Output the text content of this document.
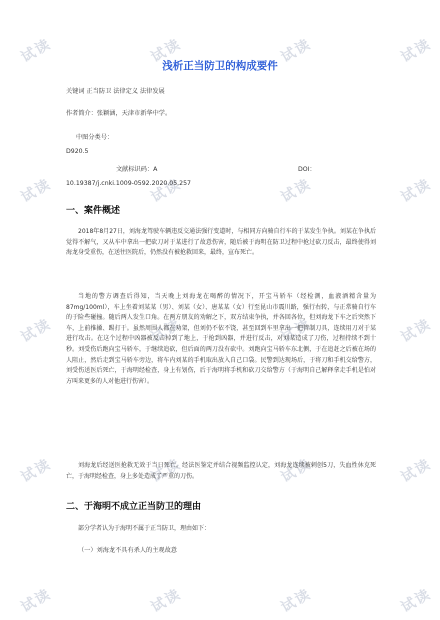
试读	试读	试读	试读
试读	试读	试读	试读
试读	试读	试读	试读
试读	试读	试读	试读
试读	试读	试读	试读
浅析正当防卫的构成要件
关键词 正当防卫 法律定义 法律发展
作者简介：张颖涵，天津市新华中学。
中图分类号：
D920.5
文献标识码：A	DOI：
10.19387/j.cnki.1009-0592.2020.05.257
一、案件概述

2018年8月27日，刘海龙驾驶车辆违反交通法强行变道时，与相同方向骑自行车的于某发生争执。刘某在争执后觉得不解气，又从车中拿出一把砍刀对于某进行了故意伤害，随后被于海明在防卫过程中抢过砍刀反击，最终使得刘海龙身受重伤，在送往医院后，仍然没有被抢救回来，最终，宣布死亡。

当地的警方调查后得知，当天晚上刘海龙在喝醉的情况下，开宝马轿车（经检测，血液酒精含量为87mg/100ml），车上坐着刘某某（男）、刘某（女）、唐某某（女）行至昆山市震川路，强行右转，与正常骑自行车的于险些碰撞。随后两人发生口角。在两方朋友的劝解之下，双方结束争执，并各回各位，但刘海龙下车之后突然下车，上前推搡、踢打于。虽然周围人都在劝架，但刘仍不依不饶，甚至回到车里拿出一把管制刀具，连续用刀对于某进行攻击。在这个过程中凶器被反击掉到了地上，于抢到凶器，并进行反击，对刘某造成了刀伤，过程持续不到十秒。刘受伤后跑向宝马轿车，于继续追砍，但后面的两刀没有砍中。刘跑向宝马轿车东北侧，于在追赶之后被在场的人阻止，然后走到宝马轿车旁边，将车内刘某的手机取出放入自己口袋。民警到达现场后，于将刀和手机交给警方，刘受伤送医后死亡，于海明经检查，身上有划伤，后于海明将手机和砍刀交给警方（于海明自己解释拿走手机是怕对方叫来更多的人对他进行伤害）。

刘海龙后经送医抢救无效于当日死亡。经法医鉴定并结合视频监控认定，刘海龙连续被刺创5刀，失血性休克死亡，于海明经检查，身上多处造成了严重的刀伤。

二、于海明不成立正当防卫的理由

部分学者认为于海明不属于正当防卫，理由如下：

（一）刘海龙不具有杀人的主观故意
